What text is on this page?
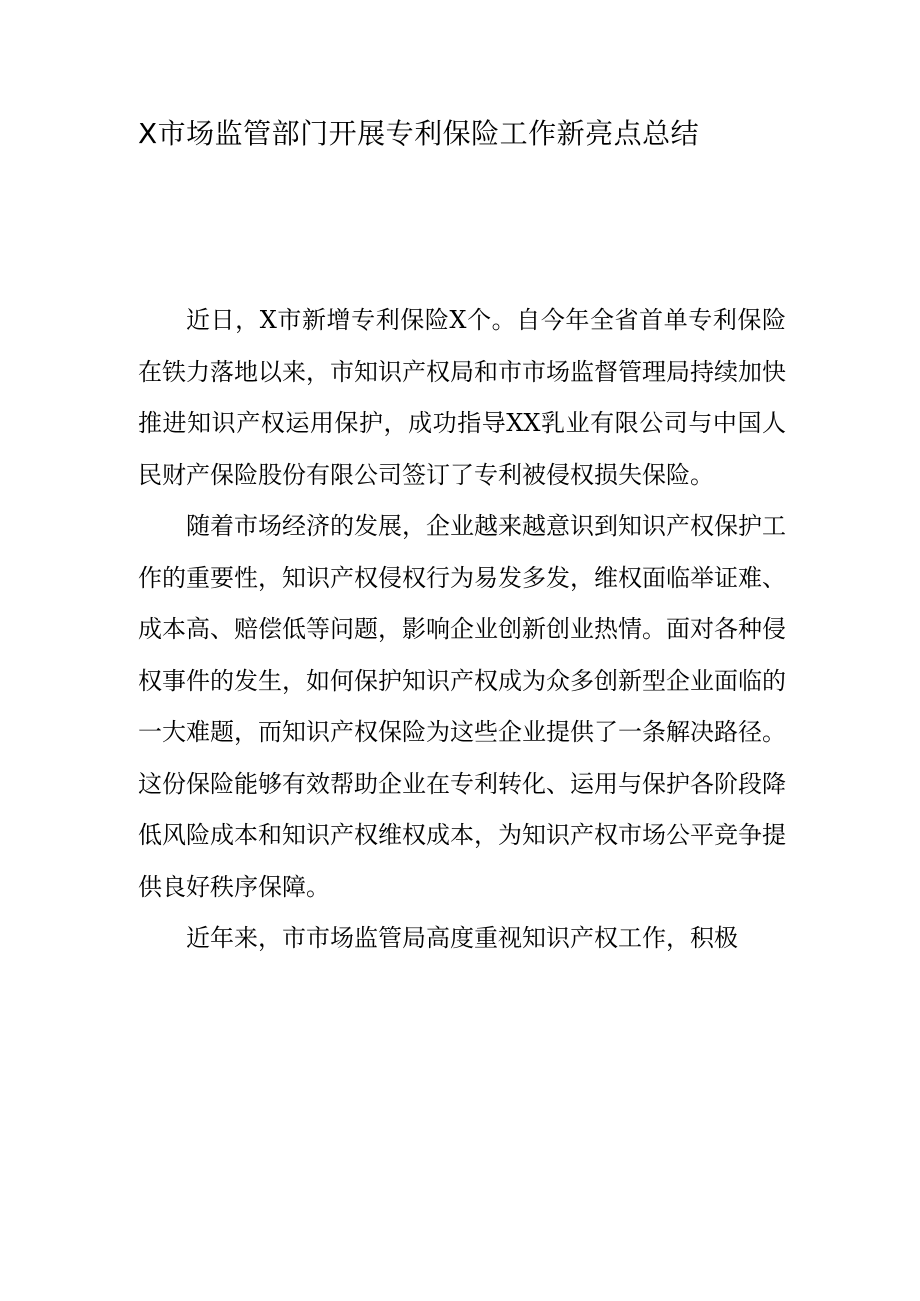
X市场监管部门开展专利保险工作新亮点总结

近日，X市新增专利保险X个。自今年全省首单专利保险在铁力落地以来，市知识产权局和市市场监督管理局持续加快推进知识产权运用保护，成功指导XX乳业有限公司与中国人民财产保险股份有限公司签订了专利被侵权损失保险。

随着市场经济的发展，企业越来越意识到知识产权保护工作的重要性，知识产权侵权行为易发多发，维权面临举证难、成本高、赔偿低等问题，影响企业创新创业热情。面对各种侵权事件的发生，如何保护知识产权成为众多创新型企业面临的一大难题，而知识产权保险为这些企业提供了一条解决路径。这份保险能够有效帮助企业在专利转化、运用与保护各阶段降低风险成本和知识产权维权成本，为知识产权市场公平竞争提供良好秩序保障。

近年来，市市场监管局高度重视知识产权工作，积极
